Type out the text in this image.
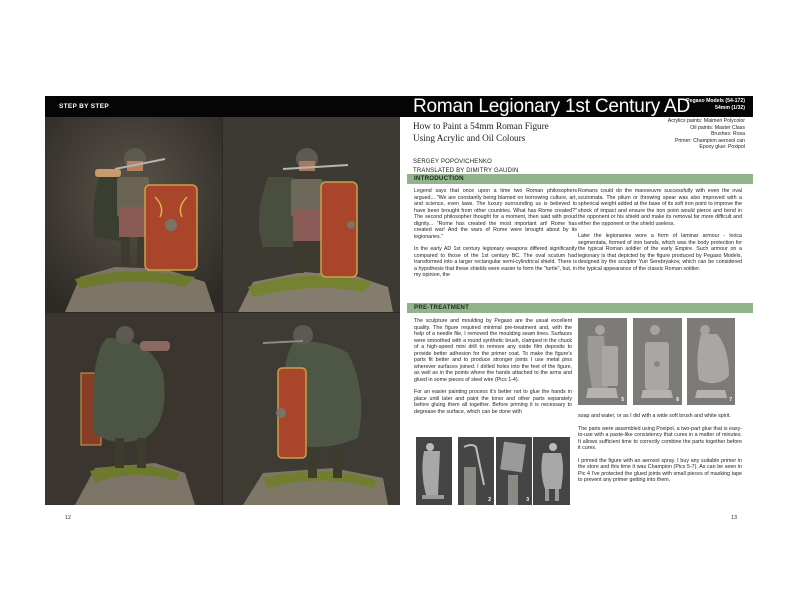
STEP BY STEP	Roman Legionary 1st Century AD
Pegaso Models (54-172)
54mm (1/32)
12
How to Paint a 54mm Roman Figure
Using Acrylic and Oil Colours
SERGEY POPOVICHENKO
TRANSLATED BY DIMITRY GAUDIN
Acrylics paints: Maimeri Polycolor
Oil paints: Master Class
Brushes: Rosa
Primer: Champion aerosol can
Epoxy glue: Poxipol
INTRODUCTION

Legend says that once upon a time two Roman philosophers argued... "We are constantly being blamed on borrowing culture, art, and science, even laws. The luxury surrounding us is believed to have been brought from other countries. What has Rome created?" The second philosopher thought for a moment, then said with proud dignity... "Rome has created the most important art! Rome has created war! And the wars of Rome were brought about by its legionaries."

In the early AD 1st century legionary weapons differed significantly compared to those of the 1st century BC. The oval scutum had transformed into a larger rectangular semi-cylindrical shield. There is a hypothesis that these shields were easier to form the "turtle", but, in my opinion, the

Romans could do the manoeuvre successfully with even the oval scutomata. The pilum or throwing spear was also improved with a spherical weight added at the base of its soft iron point to improve the shock of impact and ensure the iron point would pierce and bend in the opponent or his shield and make its removal far more difficult and either the opponent or the shield useless.

Later the legionaries wore a form of laminar armour - lorica segmentata, formed of iron bands, which was the body protection for the typical Roman soldier of the early Empire. Such armour on a legionary is that depicted by the figure produced by Pegaso Models, designed by the sculptor Yuri Serebryakov, which can be considered the typical appearance of the classic Roman soldier.

PRE-TREATMENT

The sculpture and moulding by Pegaso are the usual excellent quality. The figure required minimal pre-treatment and, with the help of a needle file, I removed the moulding seam lines. Surfaces were smoothed with a round synthetic brush, clamped in the chuck of a high-speed mini drill to remove any oxide film deposits to provide better adhesion for the primer coat. To make the figure's parts fit better and to produce stronger joints I use metal pins wherever surfaces joined. I drilled holes into the feet of the figure, as well as in the points where the hands attached to the arms and glued in some pieces of steel wire (Pics 1-4).

For an easier painting process it's better not to glue the hands in place until later and paint the torso and other parts separately before gluing them all together. Before priming it is necessary to degrease the surface, which can be done with

5	6	7

soap and water, or as I did with a wide soft brush and white spirit.

The parts were assembled using Poxipol, a two-part glue that is easy-to-use with a paste-like consistency that cures in a matter of minutes. It allows sufficient time to correctly combine the parts together before it cures.

I primed the figure with an aerosol spray. I buy any suitable primer in the store and this time it was Champion (Pics 5-7). As can be seen in Pic 4 I've protected the glued joints with small pieces of masking tape to prevent any primer getting into them.

2	3
13
